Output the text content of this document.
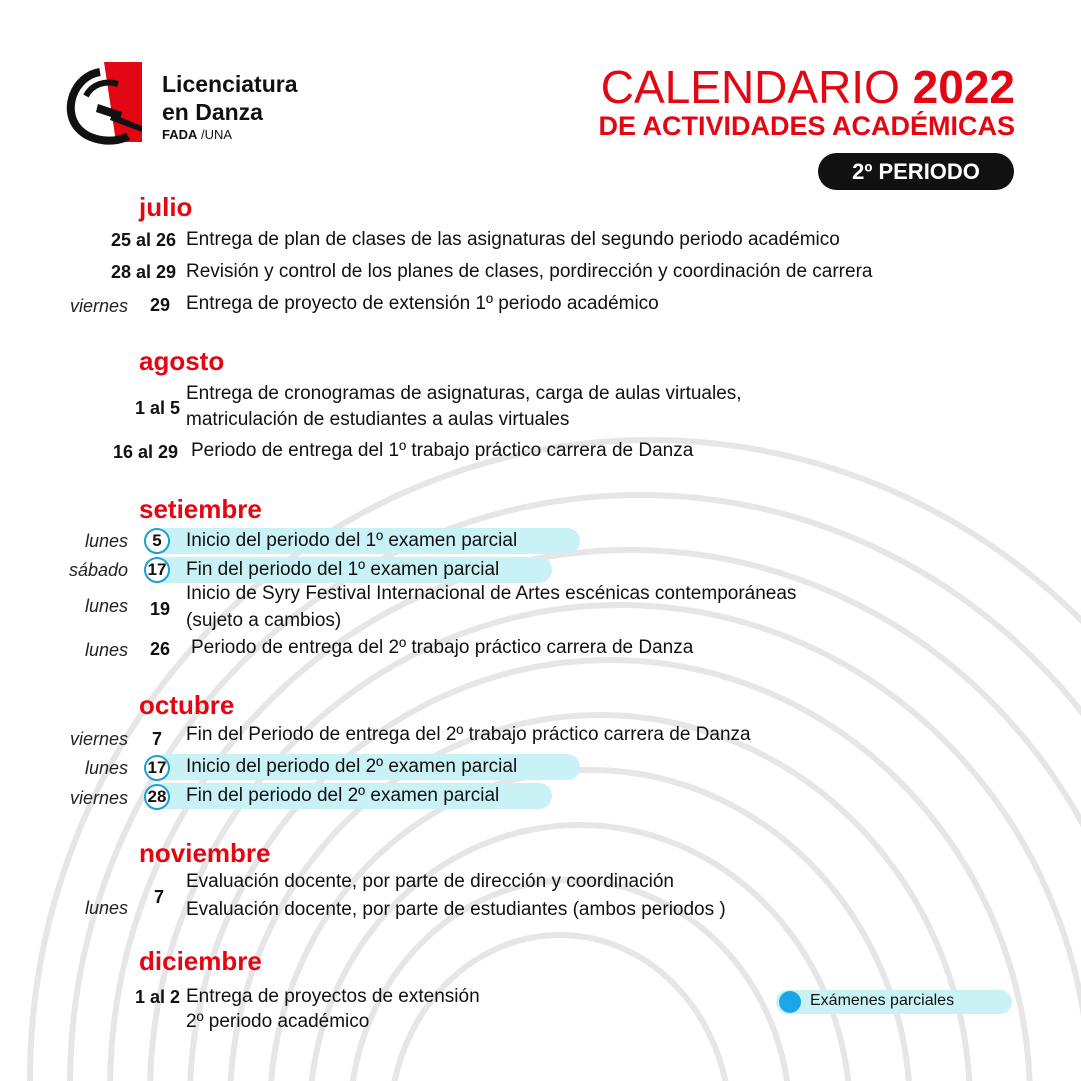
Licenciatura
en Danza
FADA /UNA
CALENDARIO 2022
DE ACTIVIDADES ACADÉMICAS
2º PERIODO
julio
25 al 26 Entrega de plan de clases de las asignaturas del segundo periodo académico
28 al 29 Revisión y control de los planes de clases, pordirección y coordinación de carrera
viernes	29 Entrega de proyecto de extensión 1º periodo académico
agosto
1 al 5
Entrega de cronogramas de asignaturas, carga de aulas virtuales,
matriculación de estudiantes a aulas virtuales
16 al 29 Periodo de entrega del 1º trabajo práctico carrera de Danza
setiembre
lunes	5	Inicio del periodo del 1º examen parcial
sábado 17 Fin del periodo del 1º examen parcial
lunes	19
Inicio de Syry Festival Internacional de Artes escénicas contemporáneas
(sujeto a cambios)
lunes	26 Periodo de entrega del 2º trabajo práctico carrera de Danza
octubre
viernes	7 Fin del Periodo de entrega del 2º trabajo práctico carrera de Danza
lunes 17 Inicio del periodo del 2º examen parcial
viernes 28 Fin del periodo del 2º examen parcial
noviembre
lunes
7
Evaluación docente, por parte de dirección y coordinación
Evaluación docente, por parte de estudiantes (ambos periodos )
diciembre
1 al 2 Entrega de proyectos de extensión
2º periodo académico
Exámenes parciales
